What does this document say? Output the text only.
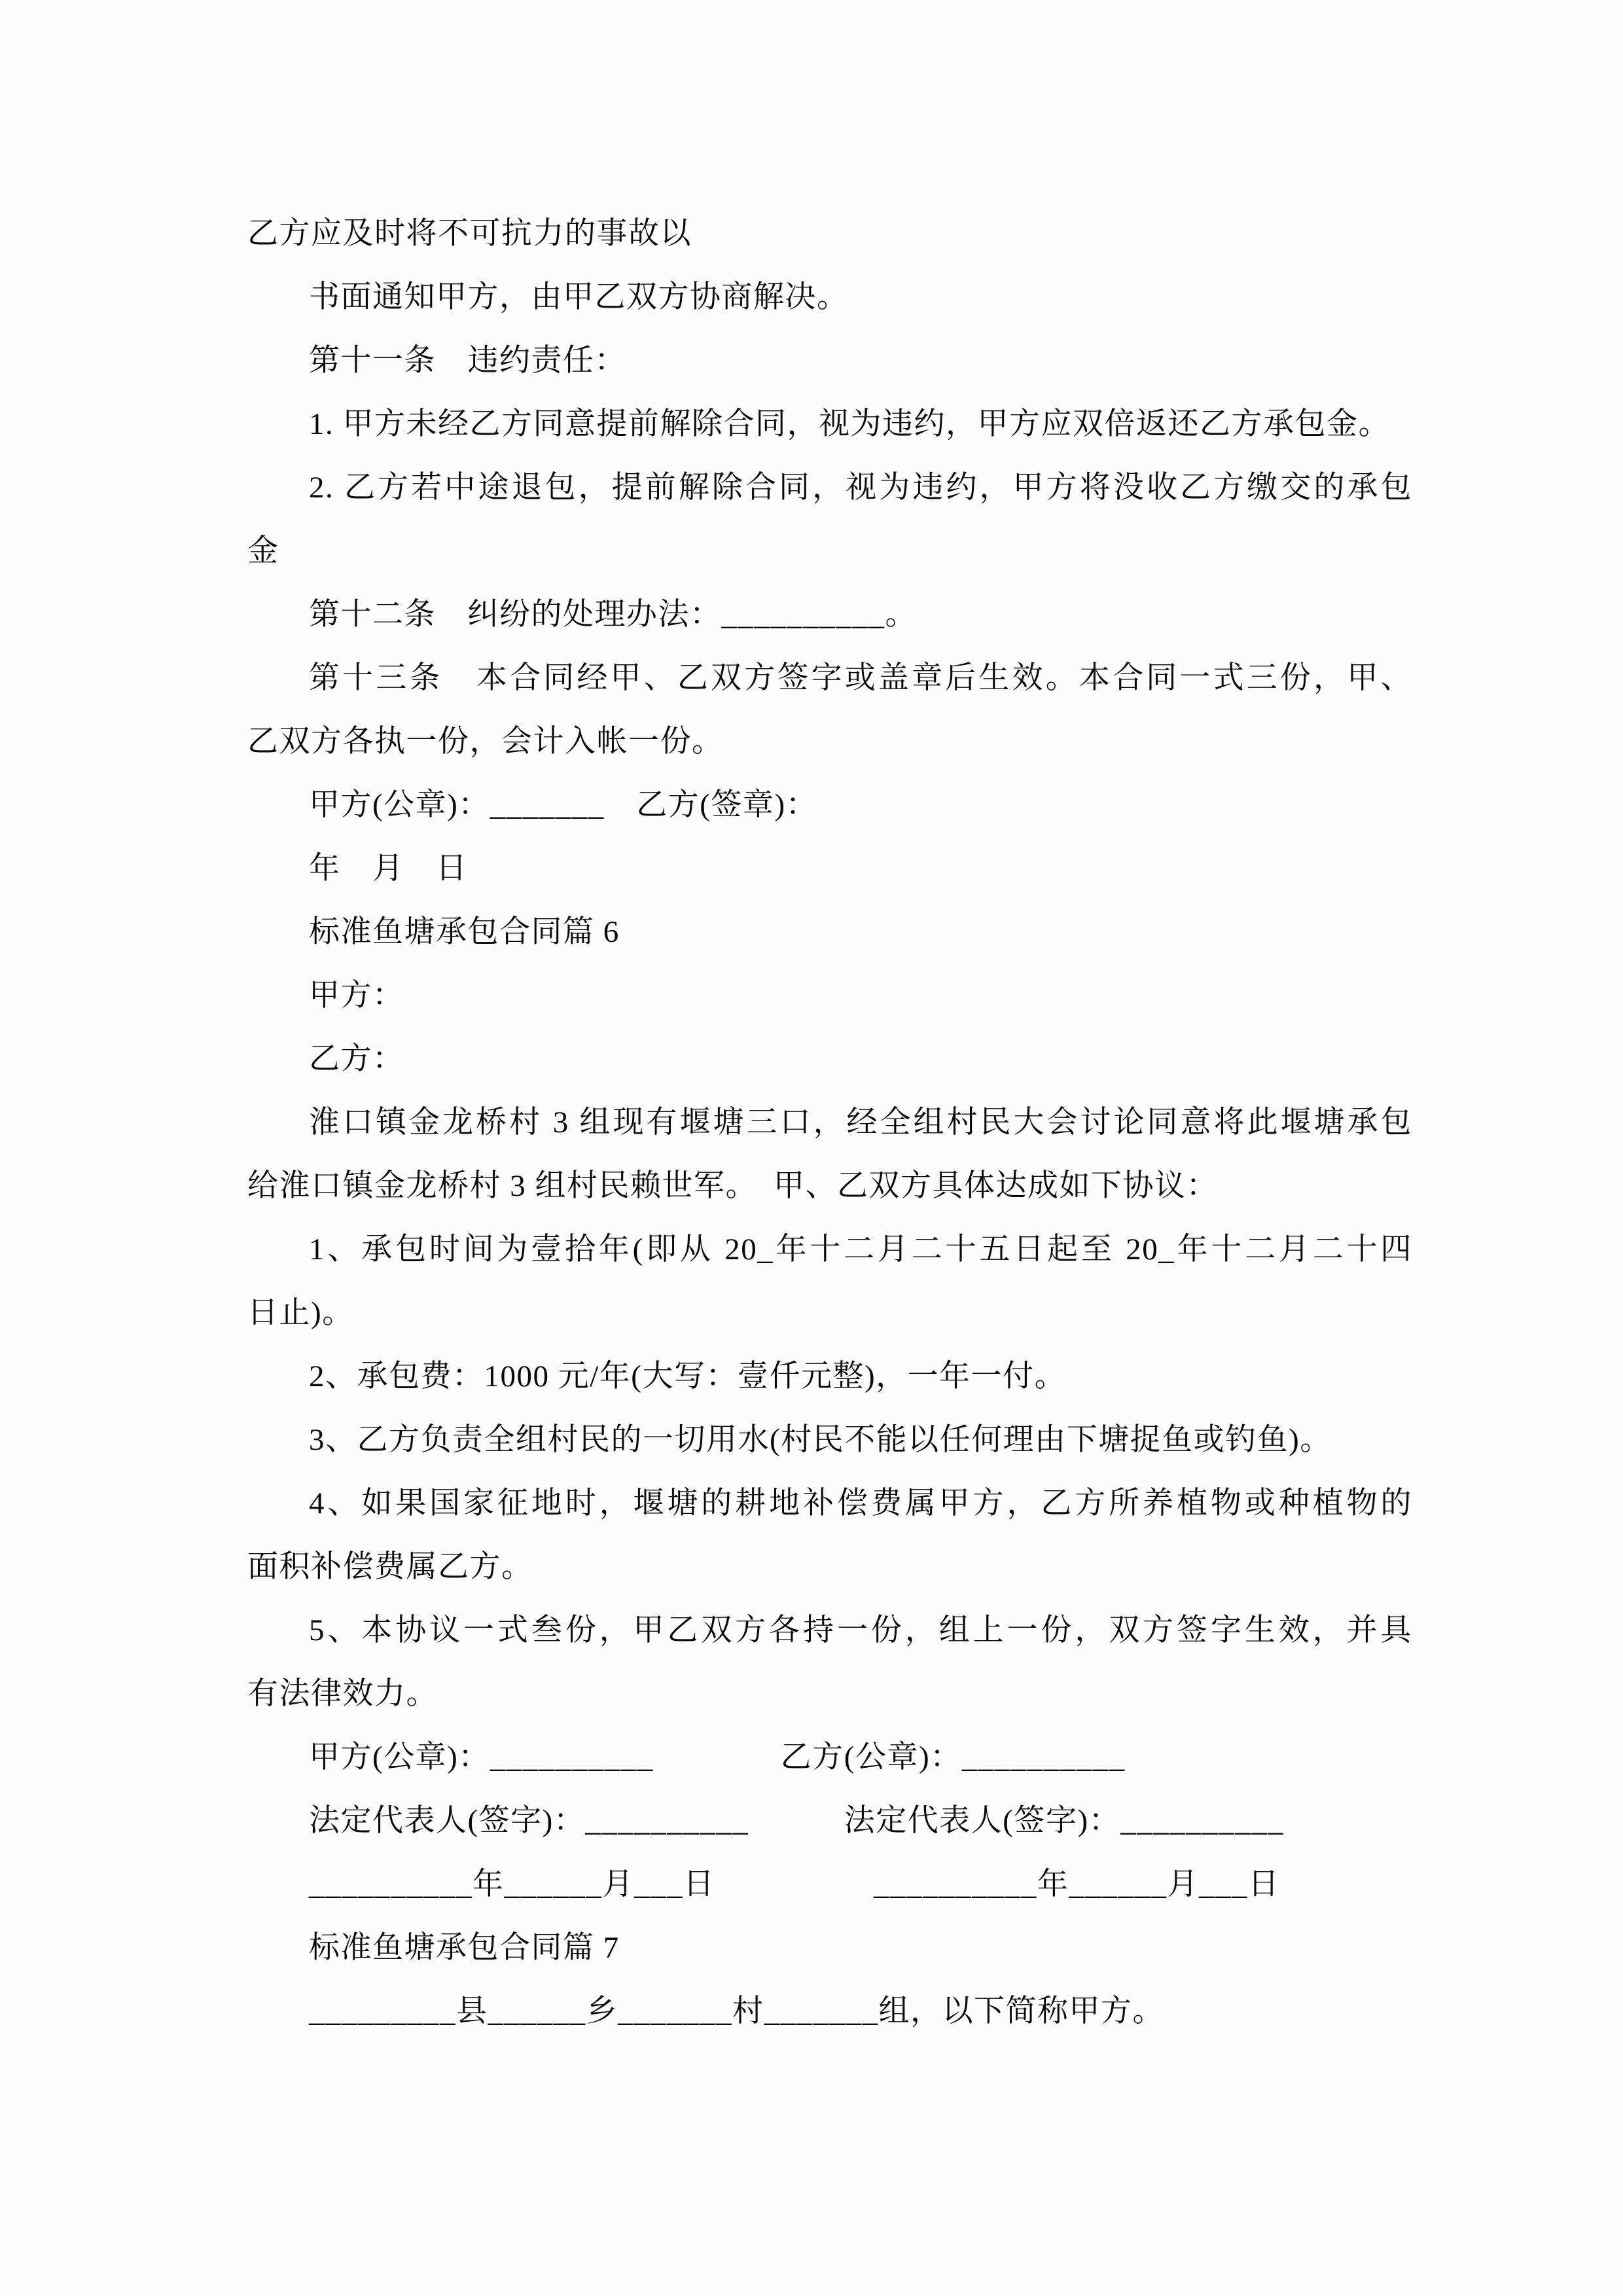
乙方应及时将不可抗力的事故以
书面通知甲方，由甲乙双方协商解决。
第十一条　违约责任：
1. 甲方未经乙方同意提前解除合同，视为违约，甲方应双倍返还乙方承包金。
2. 乙方若中途退包，提前解除合同，视为违约，甲方将没收乙方缴交的承包
金
第十二条　纠纷的处理办法：__________。
第十三条　本合同经甲、乙双方签字或盖章后生效。本合同一式三份，甲、
乙双方各执一份，会计入帐一份。
甲方(公章)：_______　乙方(签章)：
年　月　日
标准鱼塘承包合同篇 6
甲方：
乙方：
淮口镇金龙桥村 3 组现有堰塘三口，经全组村民大会讨论同意将此堰塘承包
给淮口镇金龙桥村 3 组村民赖世军。　甲、乙双方具体达成如下协议：
1、承包时间为壹拾年(即从 20_年十二月二十五日起至 20_年十二月二十四
日止)。
2、承包费：1000 元/年(大写：壹仟元整)，一年一付。
3、乙方负责全组村民的一切用水(村民不能以任何理由下塘捉鱼或钓鱼)。
4、如果国家征地时，堰塘的耕地补偿费属甲方，乙方所养植物或种植物的
面积补偿费属乙方。
5、本协议一式叁份，甲乙双方各持一份，组上一份，双方签字生效，并具
有法律效力。
甲方(公章)：__________　　　　乙方(公章)：__________
法定代表人(签字)：__________　　　法定代表人(签字)：__________
__________年______月___日　　　　　__________年______月___日
标准鱼塘承包合同篇 7
_________县______乡_______村_______组，以下简称甲方。
